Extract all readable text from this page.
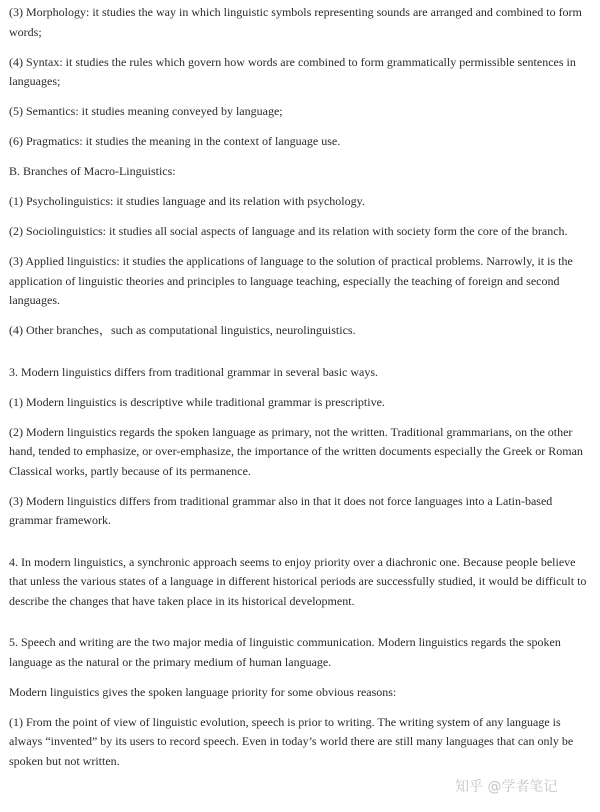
(3) Morphology: it studies the way in which linguistic symbols representing sounds are arranged and combined to form words;

(4) Syntax: it studies the rules which govern how words are combined to form grammatically permissible sentences in languages;

(5) Semantics: it studies meaning conveyed by language;

(6) Pragmatics: it studies the meaning in the context of language use.

B. Branches of Macro-Linguistics:

(1) Psycholinguistics: it studies language and its relation with psychology.

(2) Sociolinguistics: it studies all social aspects of language and its relation with society form the core of the branch.

(3) Applied linguistics: it studies the applications of language to the solution of practical problems. Narrowly, it is the application of linguistic theories and principles to language teaching, especially the teaching of foreign and second languages.

(4) Other branches，such as computational linguistics, neurolinguistics.

3. Modern linguistics differs from traditional grammar in several basic ways.

(1) Modern linguistics is descriptive while traditional grammar is prescriptive.

(2) Modern linguistics regards the spoken language as primary, not the written. Traditional grammarians, on the other hand, tended to emphasize, or over-emphasize, the importance of the written documents especially the Greek or Roman Classical works, partly because of its permanence.

(3) Modern linguistics differs from traditional grammar also in that it does not force languages into a Latin-based grammar framework.

4. In modern linguistics, a synchronic approach seems to enjoy priority over a diachronic one. Because people believe that unless the various states of a language in different historical periods are successfully studied, it would be difficult to describe the changes that have taken place in its historical development.

5. Speech and writing are the two major media of linguistic communication. Modern linguistics regards the spoken language as the natural or the primary medium of human language.

Modern linguistics gives the spoken language priority for some obvious reasons:

(1) From the point of view of linguistic evolution, speech is prior to writing. The writing system of any language is always “invented” by its users to record speech. Even in today’s world there are still many languages that can only be spoken but not written.

知乎 @学者笔记
